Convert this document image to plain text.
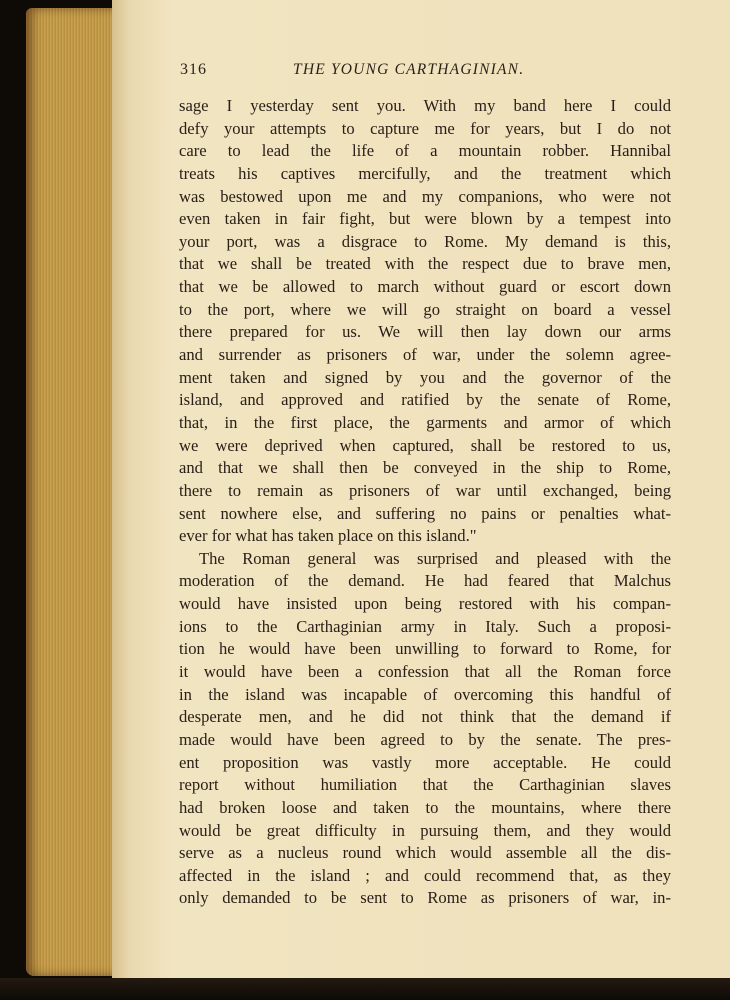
316	THE YOUNG CARTHAGINIAN.
sage I yesterday sent you. With my band here I could
defy your attempts to capture me for years, but I do not
care to lead the life of a mountain robber. Hannibal
treats his captives mercifully, and the treatment which
was bestowed upon me and my companions, who were not
even taken in fair fight, but were blown by a tempest into
your port, was a disgrace to Rome. My demand is this,
that we shall be treated with the respect due to brave men,
that we be allowed to march without guard or escort down
to the port, where we will go straight on board a vessel
there prepared for us. We will then lay down our arms
and surrender as prisoners of war, under the solemn agree-
ment taken and signed by you and the governor of the
island, and approved and ratified by the senate of Rome,
that, in the first place, the garments and armor of which
we were deprived when captured, shall be restored to us,
and that we shall then be conveyed in the ship to Rome,
there to remain as prisoners of war until exchanged, being
sent nowhere else, and suffering no pains or penalties what-
ever for what has taken place on this island."
The Roman general was surprised and pleased with the
moderation of the demand. He had feared that Malchus
would have insisted upon being restored with his compan-
ions to the Carthaginian army in Italy. Such a proposi-
tion he would have been unwilling to forward to Rome, for
it would have been a confession that all the Roman force
in the island was incapable of overcoming this handful of
desperate men, and he did not think that the demand if
made would have been agreed to by the senate. The pres-
ent proposition was vastly more acceptable. He could
report without humiliation that the Carthaginian slaves
had broken loose and taken to the mountains, where there
would be great difficulty in pursuing them, and they would
serve as a nucleus round which would assemble all the dis-
affected in the island ; and could recommend that, as they
only demanded to be sent to Rome as prisoners of war, in-
